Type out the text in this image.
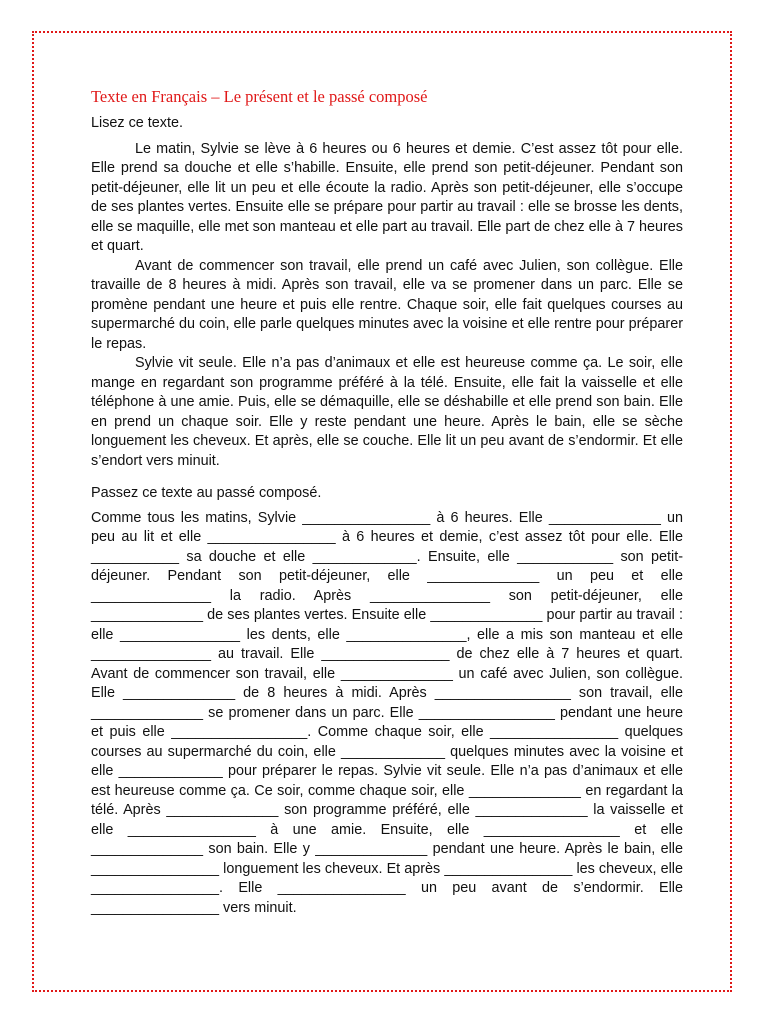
Texte en Français – Le présent et le passé composé

Lisez ce texte.

Le matin, Sylvie se lève à 6 heures ou 6 heures et demie. C’est assez tôt pour elle. Elle prend sa douche et elle s’habille. Ensuite, elle prend son petit-déjeuner. Pendant son petit-déjeuner, elle lit un peu et elle écoute la radio. Après son petit-déjeuner, elle s’occupe de ses plantes vertes. Ensuite elle se prépare pour partir au travail : elle se brosse les dents, elle se maquille, elle met son manteau et elle part au travail. Elle part de chez elle à 7 heures et quart.

Avant de commencer son travail, elle prend un café avec Julien, son collègue. Elle travaille de 8 heures à midi. Après son travail, elle va se promener dans un parc. Elle se promène pendant une heure et puis elle rentre. Chaque soir, elle fait quelques courses au supermarché du coin, elle parle quelques minutes avec la voisine et elle rentre pour préparer le repas.

Sylvie vit seule. Elle n’a pas d’animaux et elle est heureuse comme ça. Le soir, elle mange en regardant son programme préféré à la télé. Ensuite, elle fait la vaisselle et elle téléphone à une amie. Puis, elle se démaquille, elle se déshabille et elle prend son bain. Elle en prend un chaque soir. Elle y reste pendant une heure. Après le bain, elle se sèche longuement les cheveux. Et après, elle se couche. Elle lit un peu avant de s’endormir. Et elle s’endort vers minuit.

Passez ce texte au passé composé.

Comme tous les matins, Sylvie ________________ à 6 heures. Elle ______________ un peu au lit et elle ________________ à 6 heures et demie, c’est assez tôt pour elle. Elle ___________ sa douche et elle _____________. Ensuite, elle ____________ son petit-déjeuner. Pendant son petit-déjeuner, elle ______________ un peu et elle _______________ la radio. Après _______________ son petit-déjeuner, elle ______________ de ses plantes vertes. Ensuite elle ______________ pour partir au travail : elle _______________ les dents, elle _______________, elle a mis son manteau et elle _______________ au travail. Elle ________________ de chez elle à 7 heures et quart. Avant de commencer son travail, elle ______________ un café avec Julien, son collègue. Elle ______________ de 8 heures à midi. Après _________________ son travail, elle ______________ se promener dans un parc. Elle _________________ pendant une heure et puis elle _________________. Comme chaque soir, elle ________________ quelques courses au supermarché du coin, elle _____________ quelques minutes avec la voisine et elle _____________ pour préparer le repas. Sylvie vit seule. Elle n’a pas d’animaux et elle est heureuse comme ça. Ce soir, comme chaque soir, elle ______________ en regardant la télé. Après ______________ son programme préféré, elle ______________ la vaisselle et elle ________________ à une amie. Ensuite, elle _________________ et elle ______________ son bain. Elle y ______________ pendant une heure. Après le bain, elle ________________ longuement les cheveux. Et après ________________ les cheveux, elle ________________. Elle ________________ un peu avant de s’endormir. Elle ________________ vers minuit.
